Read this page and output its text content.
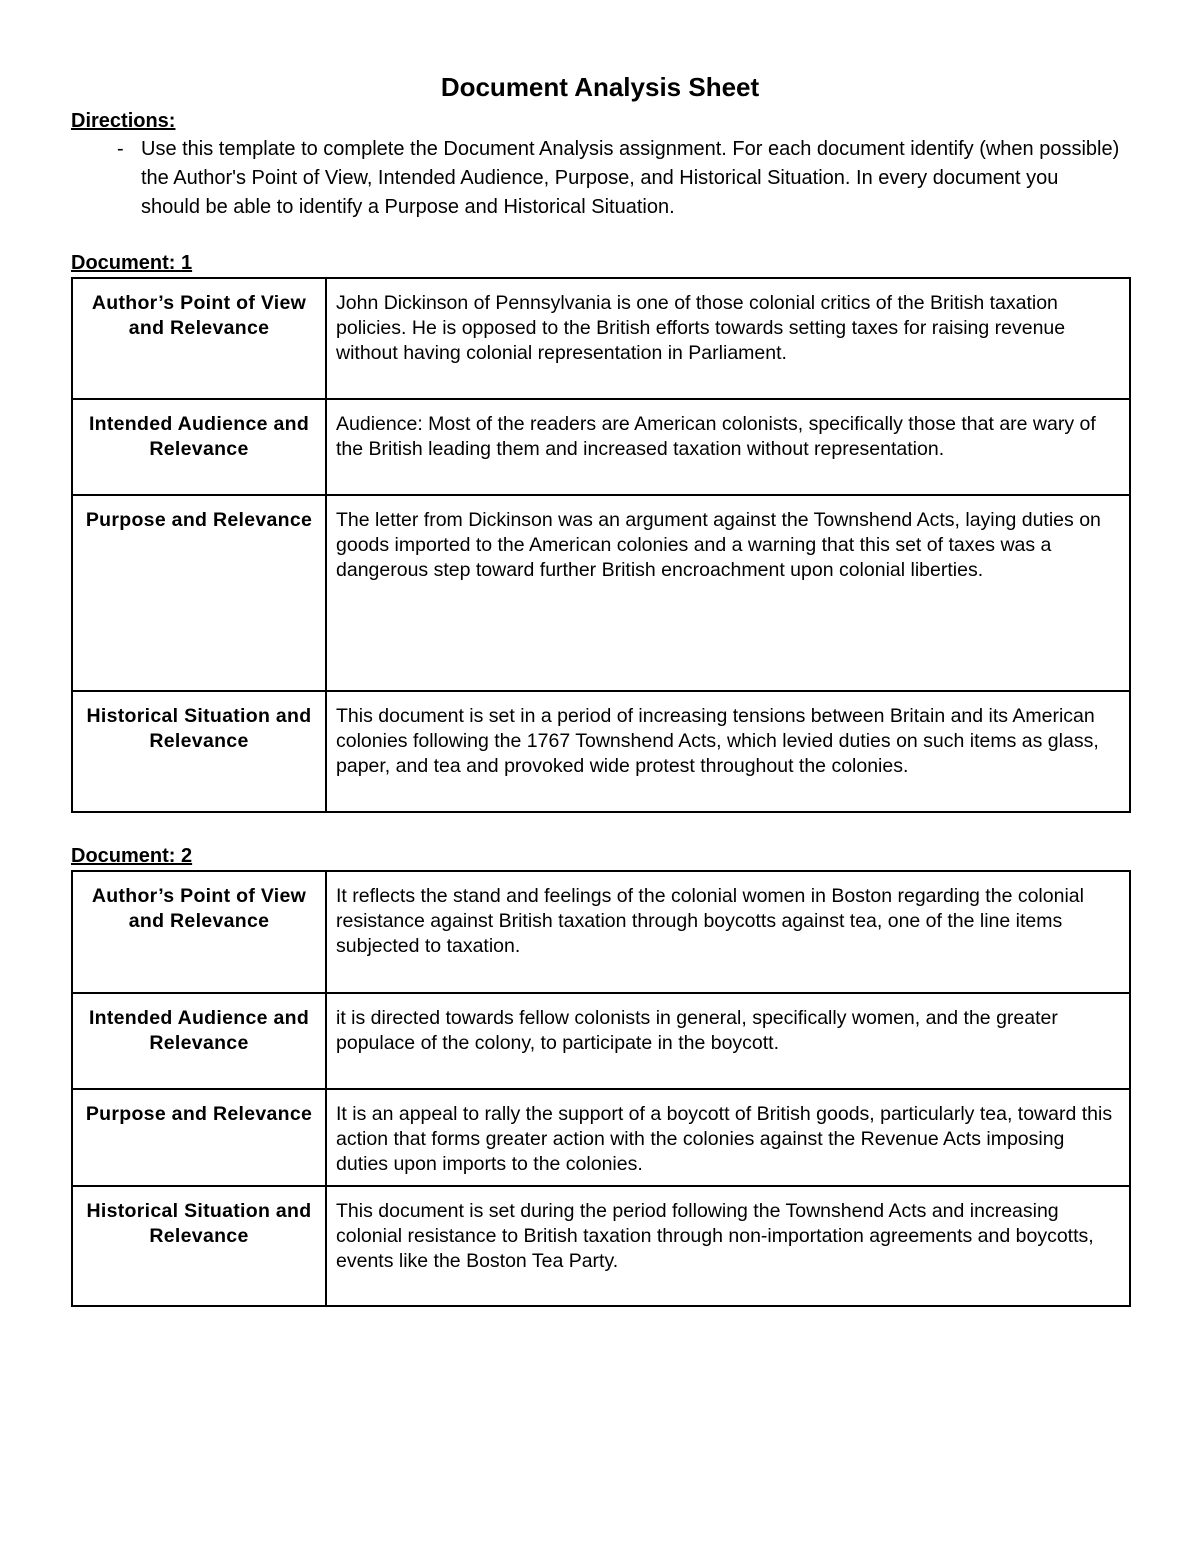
Document Analysis Sheet
Directions:
- Use this template to complete the Document Analysis assignment. For each document identify (when possible) the Author's Point of View, Intended Audience, Purpose, and Historical Situation. In every document you should be able to identify a Purpose and Historical Situation.
Document: 1
Author’s Point of View and Relevance	John Dickinson of Pennsylvania is one of those colonial critics of the British taxation policies. He is opposed to the British efforts towards setting taxes for raising revenue without having colonial representation in Parliament.
Intended Audience and Relevance	Audience: Most of the readers are American colonists, specifically those that are wary of the British leading them and increased taxation without representation.
Purpose and Relevance	The letter from Dickinson was an argument against the Townshend Acts, laying duties on goods imported to the American colonies and a warning that this set of taxes was a dangerous step toward further British encroachment upon colonial liberties.
Historical Situation and Relevance	This document is set in a period of increasing tensions between Britain and its American colonies following the 1767 Townshend Acts, which levied duties on such items as glass, paper, and tea and provoked wide protest throughout the colonies.
Document: 2
Author’s Point of View and Relevance	It reflects the stand and feelings of the colonial women in Boston regarding the colonial resistance against British taxation through boycotts against tea, one of the line items subjected to taxation.
Intended Audience and Relevance	it is directed towards fellow colonists in general, specifically women, and the greater populace of the colony, to participate in the boycott.
Purpose and Relevance	It is an appeal to rally the support of a boycott of British goods, particularly tea, toward this action that forms greater action with the colonies against the Revenue Acts imposing duties upon imports to the colonies.
Historical Situation and Relevance	This document is set during the period following the Townshend Acts and increasing colonial resistance to British taxation through non-importation agreements and boycotts, events like the Boston Tea Party.
